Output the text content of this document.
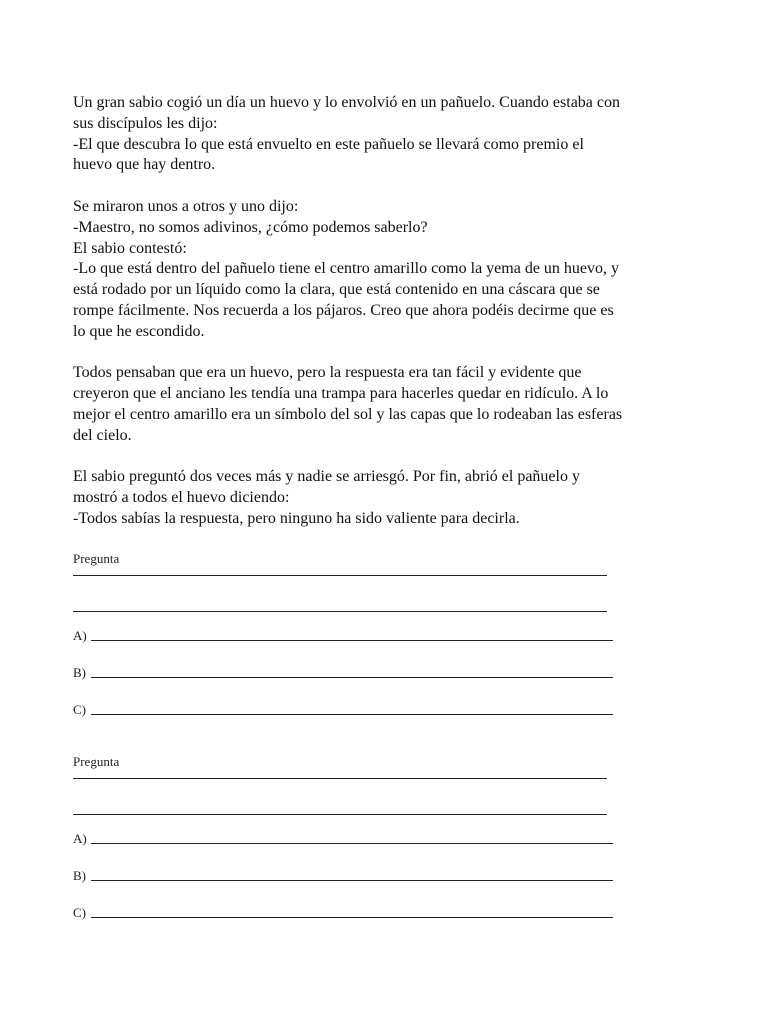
Un gran sabio cogió un día un huevo y lo envolvió en un pañuelo. Cuando estaba con
sus discípulos les dijo:
-El que descubra lo que está envuelto en este pañuelo se llevará como premio el
huevo que hay dentro.
Se miraron unos a otros y uno dijo:
-Maestro, no somos adivinos, ¿cómo podemos saberlo?
El sabio contestó:
-Lo que está dentro del pañuelo tiene el centro amarillo como la yema de un huevo, y
está rodado por un líquido como la clara, que está contenido en una cáscara que se
rompe fácilmente. Nos recuerda a los pájaros. Creo que ahora podéis decirme que es
lo que he escondido.
Todos pensaban que era un huevo, pero la respuesta era tan fácil y evidente que
creyeron que el anciano les tendía una trampa para hacerles quedar en ridículo. A lo
mejor el centro amarillo era un símbolo del sol y las capas que lo rodeaban las esferas
del cielo.
El sabio preguntó dos veces más y nadie se arriesgó. Por fin, abrió el pañuelo y
mostró a todos el huevo diciendo:
-Todos sabías la respuesta, pero ninguno ha sido valiente para decirla.
Pregunta
A)
B)
C)
Pregunta
A)
B)
C)
